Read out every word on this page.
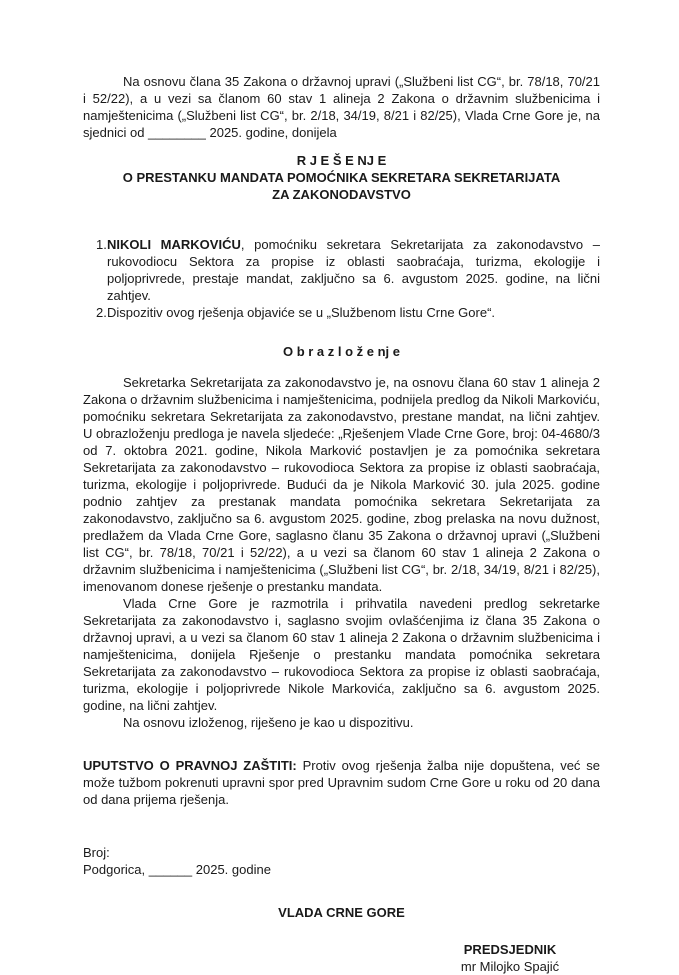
Na osnovu člana 35 Zakona o državnoj upravi („Službeni list CG“, br. 78/18, 70/21 i 52/22), a u vezi sa članom 60 stav 1 alineja 2 Zakona o državnim službenicima i namještenicima („Službeni list CG“, br. 2/18, 34/19, 8/21 i 82/25), Vlada Crne Gore je, na sjednici od ________ 2025. godine, donijela

R J E Š E NJ E
O PRESTANKU MANDATA POMOĆNIKA SEKRETARA SEKRETARIJATA
ZA ZAKONODAVSTVO
1. NIKOLI MARKOVIĆU, pomoćniku sekretara Sekretarijata za zakonodavstvo – rukovodiocu Sektora za propise iz oblasti saobraćaja, turizma, ekologije i poljoprivrede, prestaje mandat, zaključno sa 6. avgustom 2025. godine, na lični zahtjev.
2. Dispozitiv ovog rješenja objaviće se u „Službenom listu Crne Gore“.
O b r a z l o ž e nj e

Sekretarka Sekretarijata za zakonodavstvo je, na osnovu člana 60 stav 1 alineja 2 Zakona o državnim službenicima i namještenicima, podnijela predlog da Nikoli Markoviću, pomoćniku sekretara Sekretarijata za zakonodavstvo, prestane mandat, na lični zahtjev. U obrazloženju predloga je navela sljedeće: „Rješenjem Vlade Crne Gore, broj: 04-4680/3 od 7. oktobra 2021. godine, Nikola Marković postavljen je za pomoćnika sekretara Sekretarijata za zakonodavstvo – rukovodioca Sektora za propise iz oblasti saobraćaja, turizma, ekologije i poljoprivrede. Budući da je Nikola Marković 30. jula 2025. godine podnio zahtjev za prestanak mandata pomoćnika sekretara Sekretarijata za zakonodavstvo, zaključno sa 6. avgustom 2025. godine, zbog prelaska na novu dužnost, predlažem da Vlada Crne Gore, saglasno članu 35 Zakona o državnoj upravi („Službeni list CG“, br. 78/18, 70/21 i 52/22), a u vezi sa članom 60 stav 1 alineja 2 Zakona o državnim službenicima i namještenicima („Službeni list CG“, br. 2/18, 34/19, 8/21 i 82/25), imenovanom donese rješenje o prestanku mandata.

Vlada Crne Gore je razmotrila i prihvatila navedeni predlog sekretarke Sekretarijata za zakonodavstvo i, saglasno svojim ovlašćenjima iz člana 35 Zakona o državnoj upravi, a u vezi sa članom 60 stav 1 alineja 2 Zakona o državnim službenicima i namještenicima, donijela Rješenje o prestanku mandata pomoćnika sekretara Sekretarijata za zakonodavstvo – rukovodioca Sektora za propise iz oblasti saobraćaja, turizma, ekologije i poljoprivrede Nikole Markovića, zaključno sa 6. avgustom 2025. godine, na lični zahtjev.

Na osnovu izloženog, riješeno je kao u dispozitivu.

UPUTSTVO O PRAVNOJ ZAŠTITI: Protiv ovog rješenja žalba nije dopuštena, već se može tužbom pokrenuti upravni spor pred Upravnim sudom Crne Gore u roku od 20 dana od dana prijema rješenja.

Broj:
Podgorica, ______ 2025. godine
VLADA CRNE GORE
PREDSJEDNIK
mr Milojko Spajić
